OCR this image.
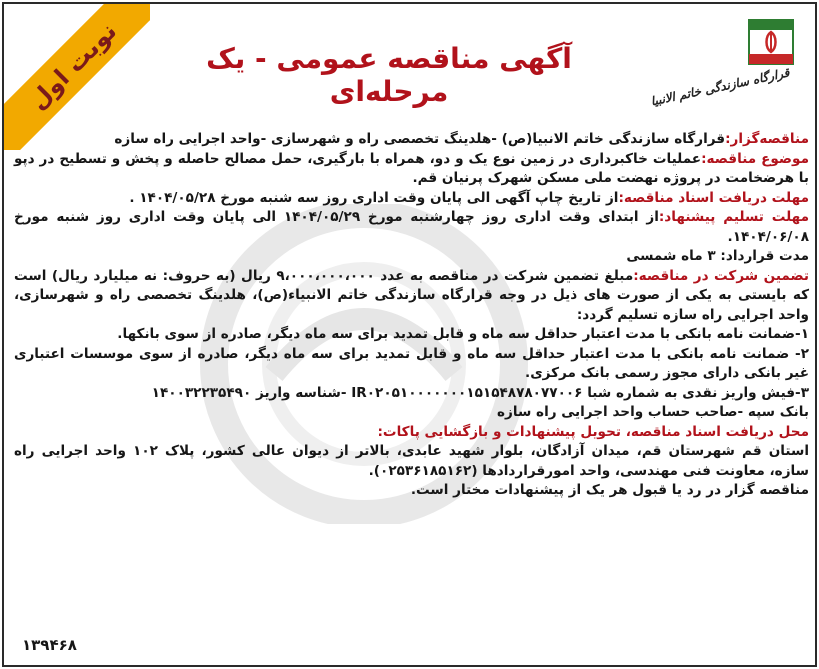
نوبت اول	آگهی مناقصه عمومی - یک مرحله‌ای	قرارگاه سازندگی خاتم الانبیا

مناقصه‌گزار:قرارگاه سازندگی خاتم الانبیا(ص) -هلدینگ تخصصی راه و شهرسازی -واحد اجرایی راه سازه

موضوع مناقصه:عملیات خاکبرداری در زمین نوع یک و دو، همراه با بارگیری، حمل مصالح حاصله و پخش و تسطیح در دپو با هرضخامت در پروژه نهضت ملی مسکن شهرک پرنیان قم.

مهلت دریافت اسناد مناقصه:از تاریخ چاپ آگهی الی پایان وقت اداری روز سه شنبه مورخ ۱۴۰۴/۰۵/۲۸ .

مهلت تسلیم پیشنهاد:از ابتدای وقت اداری روز چهارشنبه مورخ ۱۴۰۴/۰۵/۲۹ الی پایان وقت اداری روز شنبه مورخ ۱۴۰۴/۰۶/۰۸.

مدت قرارداد: ۳ ماه شمسی

تضمین شرکت در مناقصه:مبلغ تضمین شرکت در مناقصه به عدد ۹،۰۰۰،۰۰۰،۰۰۰ ریال (به حروف: نه میلیارد ریال) است که بایستی به یکی از صورت های ذیل در وجه قرارگاه سازندگی خاتم الانبیاء(ص)، هلدینگ تخصصی راه و شهرسازی، واحد اجرایی راه سازه تسلیم گردد:

۱-ضمانت نامه بانکی با مدت اعتبار حداقل سه ماه و قابل تمدید برای سه ماه دیگر، صادره از سوی بانکها.

۲- ضمانت نامه بانکی با مدت اعتبار حداقل سه ماه و قابل تمدید برای سه ماه دیگر، صادره از سوی موسسات اعتباری غیر بانکی دارای مجوز رسمی بانک مرکزی.

۳-فیش واریز نقدی به شماره شبا IR۰۲۰۵۱۰۰۰۰۰۰۰۱۵۱۵۴۸۷۸۰۷۷۰۰۶ -شناسه واریز ۱۴۰۰۳۲۲۳۵۴۹۰

بانک سپه -صاحب حساب واحد اجرایی راه سازه

محل دریافت اسناد مناقصه، تحویل پیشنهادات و بازگشایی پاکات:

استان قم شهرستان قم، میدان آزادگان، بلوار شهید عابدی، بالاتر از دیوان عالی کشور، پلاک ۱۰۲ واحد اجرایی راه سازه، معاونت فنی مهندسی، واحد امورقراردادها (۰۲۵۳۶۱۸۵۱۶۲).

مناقصه گزار در رد یا قبول هر یک از پیشنهادات مختار است.

۱۳۹۴۶۸
